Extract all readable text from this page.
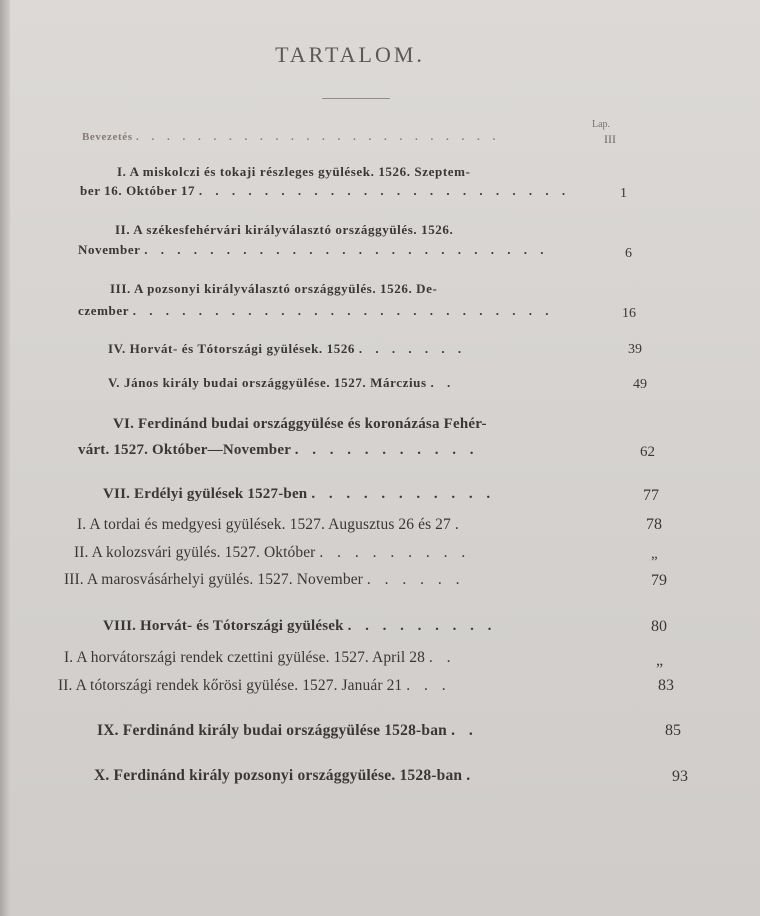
TARTALOM.
Lap.
Bevezetés . . . . . . . . . . . . . . . . . . . . . . . .	III
I. A miskolczi és tokaji részleges gyülések. 1526. Szeptem-
ber 16. Október 17 . . . . . . . . . . . . . . . . . . . . . . .	1
II. A székesfehérvári királyválasztó országgyülés. 1526.
November . . . . . . . . . . . . . . . . . . . . . . . . .	6
III. A pozsonyi királyválasztó országgyülés. 1526. De-
czember . . . . . . . . . . . . . . . . . . . . . . . . . .	16
IV. Horvát- és Tótországi gyülések. 1526 . . . . . . .	39
V. János király budai országgyülése. 1527. Márczius . .	49
VI. Ferdinánd budai országgyülése és koronázása Fehér-
várt. 1527. Október—November . . . . . . . . . . .	62
VII. Erdélyi gyülések 1527-ben . . . . . . . . . . .	77
I. A tordai és medgyesi gyülések. 1527. Augusztus 26 és 27 .	78
II. A kolozsvári gyülés. 1527. Október . . . . . . . . .	„
III. A marosvásárhelyi gyülés. 1527. November . . . . . .	79
VIII. Horvát- és Tótországi gyülések . . . . . . . . .	80
I. A horvátországi rendek czettini gyülése. 1527. April 28 . .	„
II. A tótországi rendek kőrösi gyülése. 1527. Január 21 . . .	83
IX. Ferdinánd király budai országgyülése 1528-ban . .	85
X. Ferdinánd király pozsonyi országgyülése. 1528-ban .	93
